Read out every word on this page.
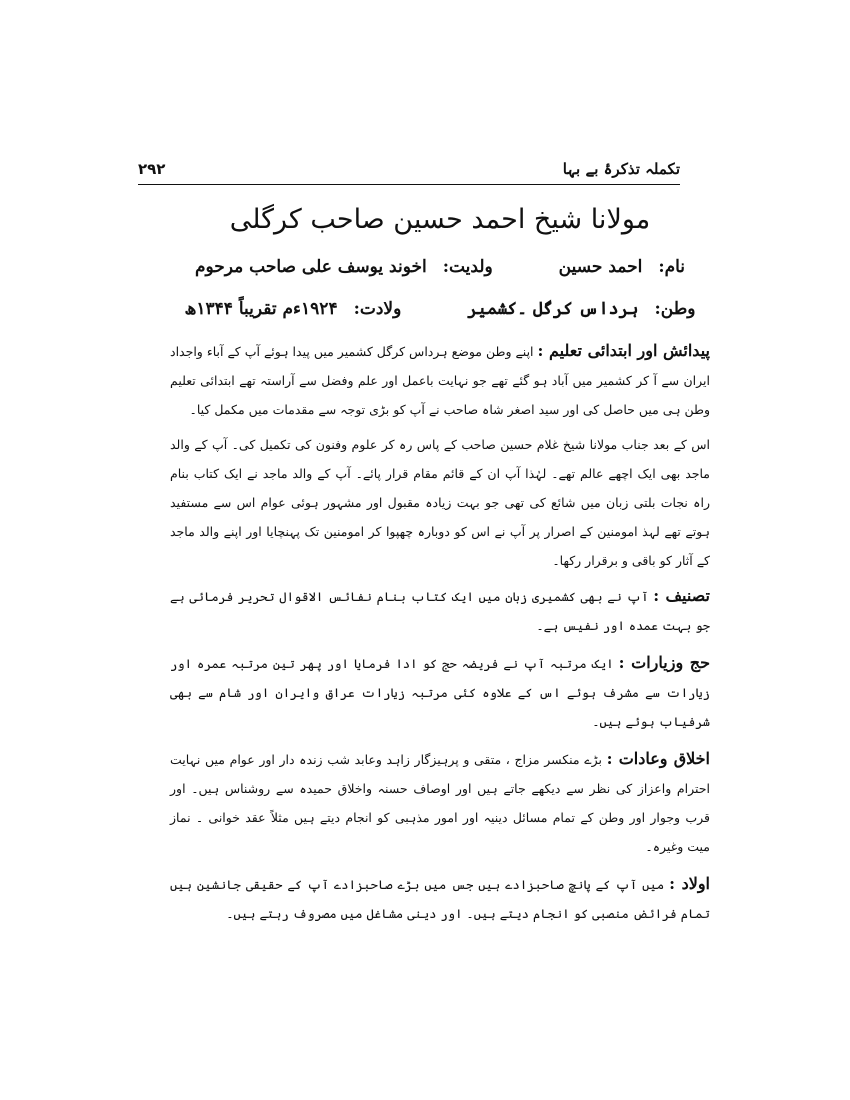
۲۹۲	تکملہ تذکرۂ بے بہا
مولانا شیخ احمد حسین صاحب کرگلی
نام:احمد حسین ولدیت:اخوند یوسف علی صاحب مرحوم
وطن:ہرداس کرگل ۔کشمیر ولادت:۱۹۲۴ءم تقریباً ۱۳۴۴ھ

پیدائش اور ابتدائی تعلیم : اپنے وطن موضع ہرداس کرگل کشمیر میں پیدا ہوئے آپ کے آباء واجداد ایران سے آ کر کشمیر میں آباد ہو گئے تھے جو نہایت باعمل اور علم وفضل سے آراستہ تھے ابتدائی تعلیم وطن ہی میں حاصل کی اور سید اصغر شاہ صاحب نے آپ کو بڑی توجہ سے مقدمات میں مکمل کیا۔

اس کے بعد جناب مولانا شیخ غلام حسین صاحب کے پاس رہ کر علوم وفنون کی تکمیل کی۔ آپ کے والد ماجد بھی ایک اچھے عالم تھے۔ لہٰذا آپ ان کے قائم مقام قرار پائے۔ آپ کے والد ماجد نے ایک کتاب بنام راہ نجات بلتی زبان میں شائع کی تھی جو بہت زیادہ مقبول اور مشہور ہوئی عوام اس سے مستفید ہوتے تھے لہذ امومنین کے اصرار پر آپ نے اس کو دوبارہ چھپوا کر امومنین تک پہنچایا اور اپنے والد ماجد کے آثار کو باقی و برقرار رکھا۔

تصنیف : آپ نے بھی کشمیری زبان میں ایک کتاب بنام نفائس الاقوال تحریر فرمائی ہے جو بہت عمدہ اور نفیس ہے۔

حج وزیارات : ایک مرتبہ آپ نے فریضہ حج کو ادا فرمایا اور پھر تین مرتبہ عمرہ اور زیارات سے مشرف ہوئے اس کے علاوہ کئی مرتبہ زیارات عراق وایران اور شام سے بھی شرفیاب ہوئے ہیں۔

اخلاق وعادات : بڑے منکسر مزاج ، متقی و پرہیزگار زاہد وعابد شب زندہ دار اور عوام میں نہایت احترام واعزاز کی نظر سے دیکھے جاتے ہیں اور اوصاف حسنہ واخلاق حمیدہ سے روشناس ہیں۔ اور قرب وجوار اور وطن کے تمام مسائل دینیہ اور امور مذہبی کو انجام دیتے ہیں مثلاً عقد خوانی ۔ نماز میت وغیرہ۔

اولاد : میں آپ کے پانچ صاحبزادے ہیں جس میں بڑے صاحبزادے آپ کے حقیقی جانشین ہیں تمام فرائض منصبی کو انجام دیتے ہیں۔ اور دینی مشاغل میں مصروف رہتے ہیں۔
